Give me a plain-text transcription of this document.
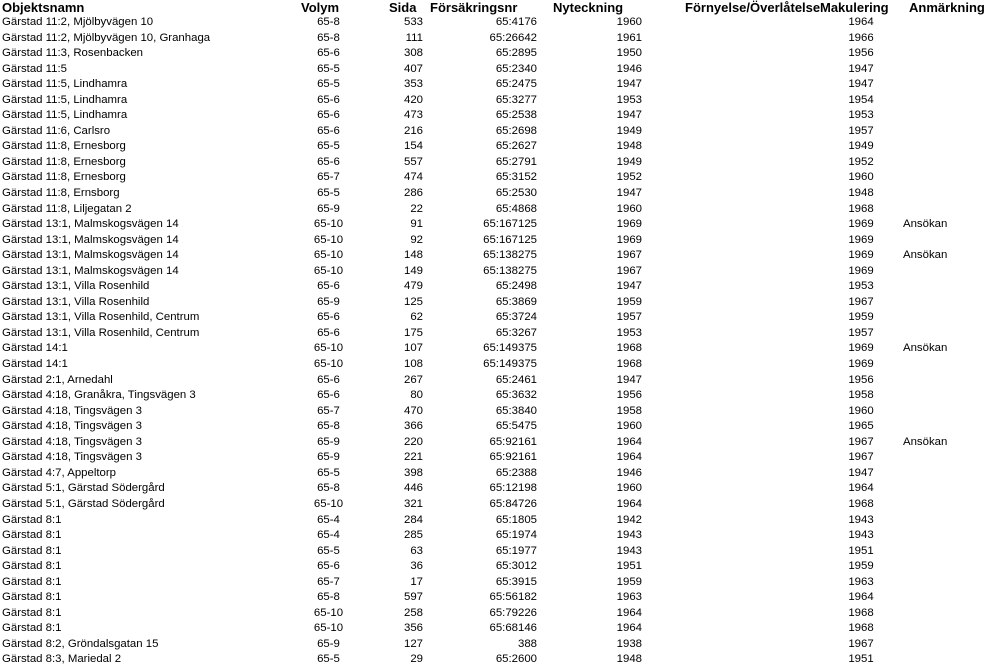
Objektsnamn	Volym	Sida	Försäkringsnr	Nyteckning	Förnyelse/Överlåtelse	Makulering	Anmärkning
Gärstad 11:2, Mjölbyvägen 10	65-8	533	65:4176	1960		1964	
Gärstad 11:2, Mjölbyvägen 10, Granhaga	65-8	111	65:26642	1961		1966	
Gärstad 11:3, Rosenbacken	65-6	308	65:2895	1950		1956	
Gärstad 11:5	65-5	407	65:2340	1946		1947	
Gärstad 11:5, Lindhamra	65-5	353	65:2475	1947		1947	
Gärstad 11:5, Lindhamra	65-6	420	65:3277	1953		1954	
Gärstad 11:5, Lindhamra	65-6	473	65:2538	1947		1953	
Gärstad 11:6, Carlsro	65-6	216	65:2698	1949		1957	
Gärstad 11:8, Ernesborg	65-5	154	65:2627	1948		1949	
Gärstad 11:8, Ernesborg	65-6	557	65:2791	1949		1952	
Gärstad 11:8, Ernesborg	65-7	474	65:3152	1952		1960	
Gärstad 11:8, Ernsborg	65-5	286	65:2530	1947		1948	
Gärstad 11:8, Liljegatan 2	65-9	22	65:4868	1960		1968	
Gärstad 13:1, Malmskogsvägen 14	65-10	91	65:167125	1969		1969	Ansökan
Gärstad 13:1, Malmskogsvägen 14	65-10	92	65:167125	1969		1969	
Gärstad 13:1, Malmskogsvägen 14	65-10	148	65:138275	1967		1969	Ansökan
Gärstad 13:1, Malmskogsvägen 14	65-10	149	65:138275	1967		1969	
Gärstad 13:1, Villa Rosenhild	65-6	479	65:2498	1947		1953	
Gärstad 13:1, Villa Rosenhild	65-9	125	65:3869	1959		1967	
Gärstad 13:1, Villa Rosenhild, Centrum	65-6	62	65:3724	1957		1959	
Gärstad 13:1, Villa Rosenhild, Centrum	65-6	175	65:3267	1953		1957	
Gärstad 14:1	65-10	107	65:149375	1968		1969	Ansökan
Gärstad 14:1	65-10	108	65:149375	1968		1969	
Gärstad 2:1, Arnedahl	65-6	267	65:2461	1947		1956	
Gärstad 4:18, Granåkra, Tingsvägen 3	65-6	80	65:3632	1956		1958	
Gärstad 4:18, Tingsvägen 3	65-7	470	65:3840	1958		1960	
Gärstad 4:18, Tingsvägen 3	65-8	366	65:5475	1960		1965	
Gärstad 4:18, Tingsvägen 3	65-9	220	65:92161	1964		1967	Ansökan
Gärstad 4:18, Tingsvägen 3	65-9	221	65:92161	1964		1967	
Gärstad 4:7, Appeltorp	65-5	398	65:2388	1946		1947	
Gärstad 5:1, Gärstad Södergård	65-8	446	65:12198	1960		1964	
Gärstad 5:1, Gärstad Södergård	65-10	321	65:84726	1964		1968	
Gärstad 8:1	65-4	284	65:1805	1942		1943	
Gärstad 8:1	65-4	285	65:1974	1943		1943	
Gärstad 8:1	65-5	63	65:1977	1943		1951	
Gärstad 8:1	65-6	36	65:3012	1951		1959	
Gärstad 8:1	65-7	17	65:3915	1959		1963	
Gärstad 8:1	65-8	597	65:56182	1963		1964	
Gärstad 8:1	65-10	258	65:79226	1964		1968	
Gärstad 8:1	65-10	356	65:68146	1964		1968	
Gärstad 8:2, Gröndalsgatan 15	65-9	127	388	1938		1967	
Gärstad 8:3, Mariedal 2	65-5	29	65:2600	1948		1951	
